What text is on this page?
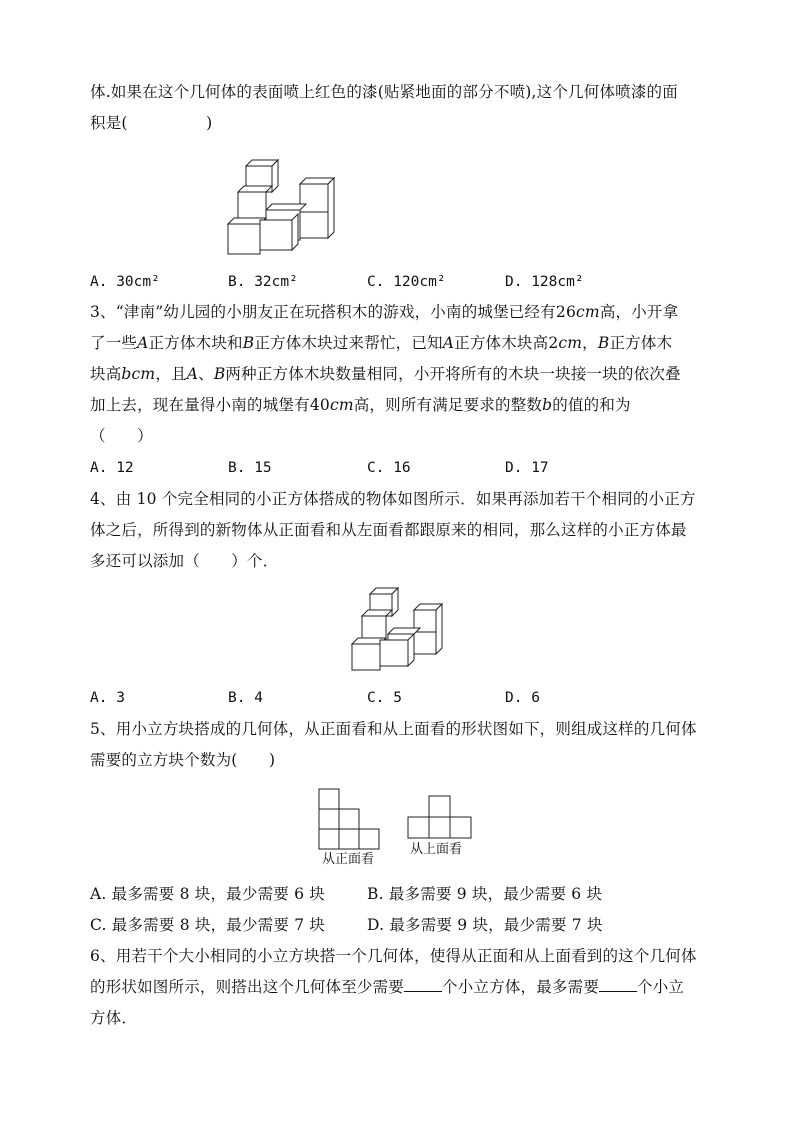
体.如果在这个几何体的表面喷上红色的漆(贴紧地面的部分不喷),这个几何体喷漆的面
积是(　　　　　)
A. 30cm²	B. 32cm²	C. 120cm²	D. 128cm²
3、“津南”幼儿园的小朋友正在玩搭积木的游戏，小南的城堡已经有26cm高，小开拿
了一些A正方体木块和B正方体木块过来帮忙，已知A正方体木块高2cm，B正方体木
块高bcm，且A、B两种正方体木块数量相同，小开将所有的木块一块接一块的依次叠
加上去，现在量得小南的城堡有40cm高，则所有满足要求的整数b的值的和为
（　　）
A. 12	B. 15	C. 16	D. 17
4、由 10 个完全相同的小正方体搭成的物体如图所示．如果再添加若干个相同的小正方
体之后，所得到的新物体从正面看和从左面看都跟原来的相同，那么这样的小正方体最
多还可以添加（　　）个．
A. 3	B. 4	C. 5	D. 6
5、用小立方块搭成的几何体，从正面看和从上面看的形状图如下，则组成这样的几何体
需要的立方块个数为(　　)
从正面看
从上面看
A. 最多需要 8 块，最少需要 6 块	B. 最多需要 9 块，最少需要 6 块
C. 最多需要 8 块，最少需要 7 块	D. 最多需要 9 块，最少需要 7 块
6、用若干个大小相同的小立方块搭一个几何体，使得从正面和从上面看到的这个几何体
的形状如图所示，则搭出这个几何体至少需要 个小立方体，最多需要 个小立
方体．
